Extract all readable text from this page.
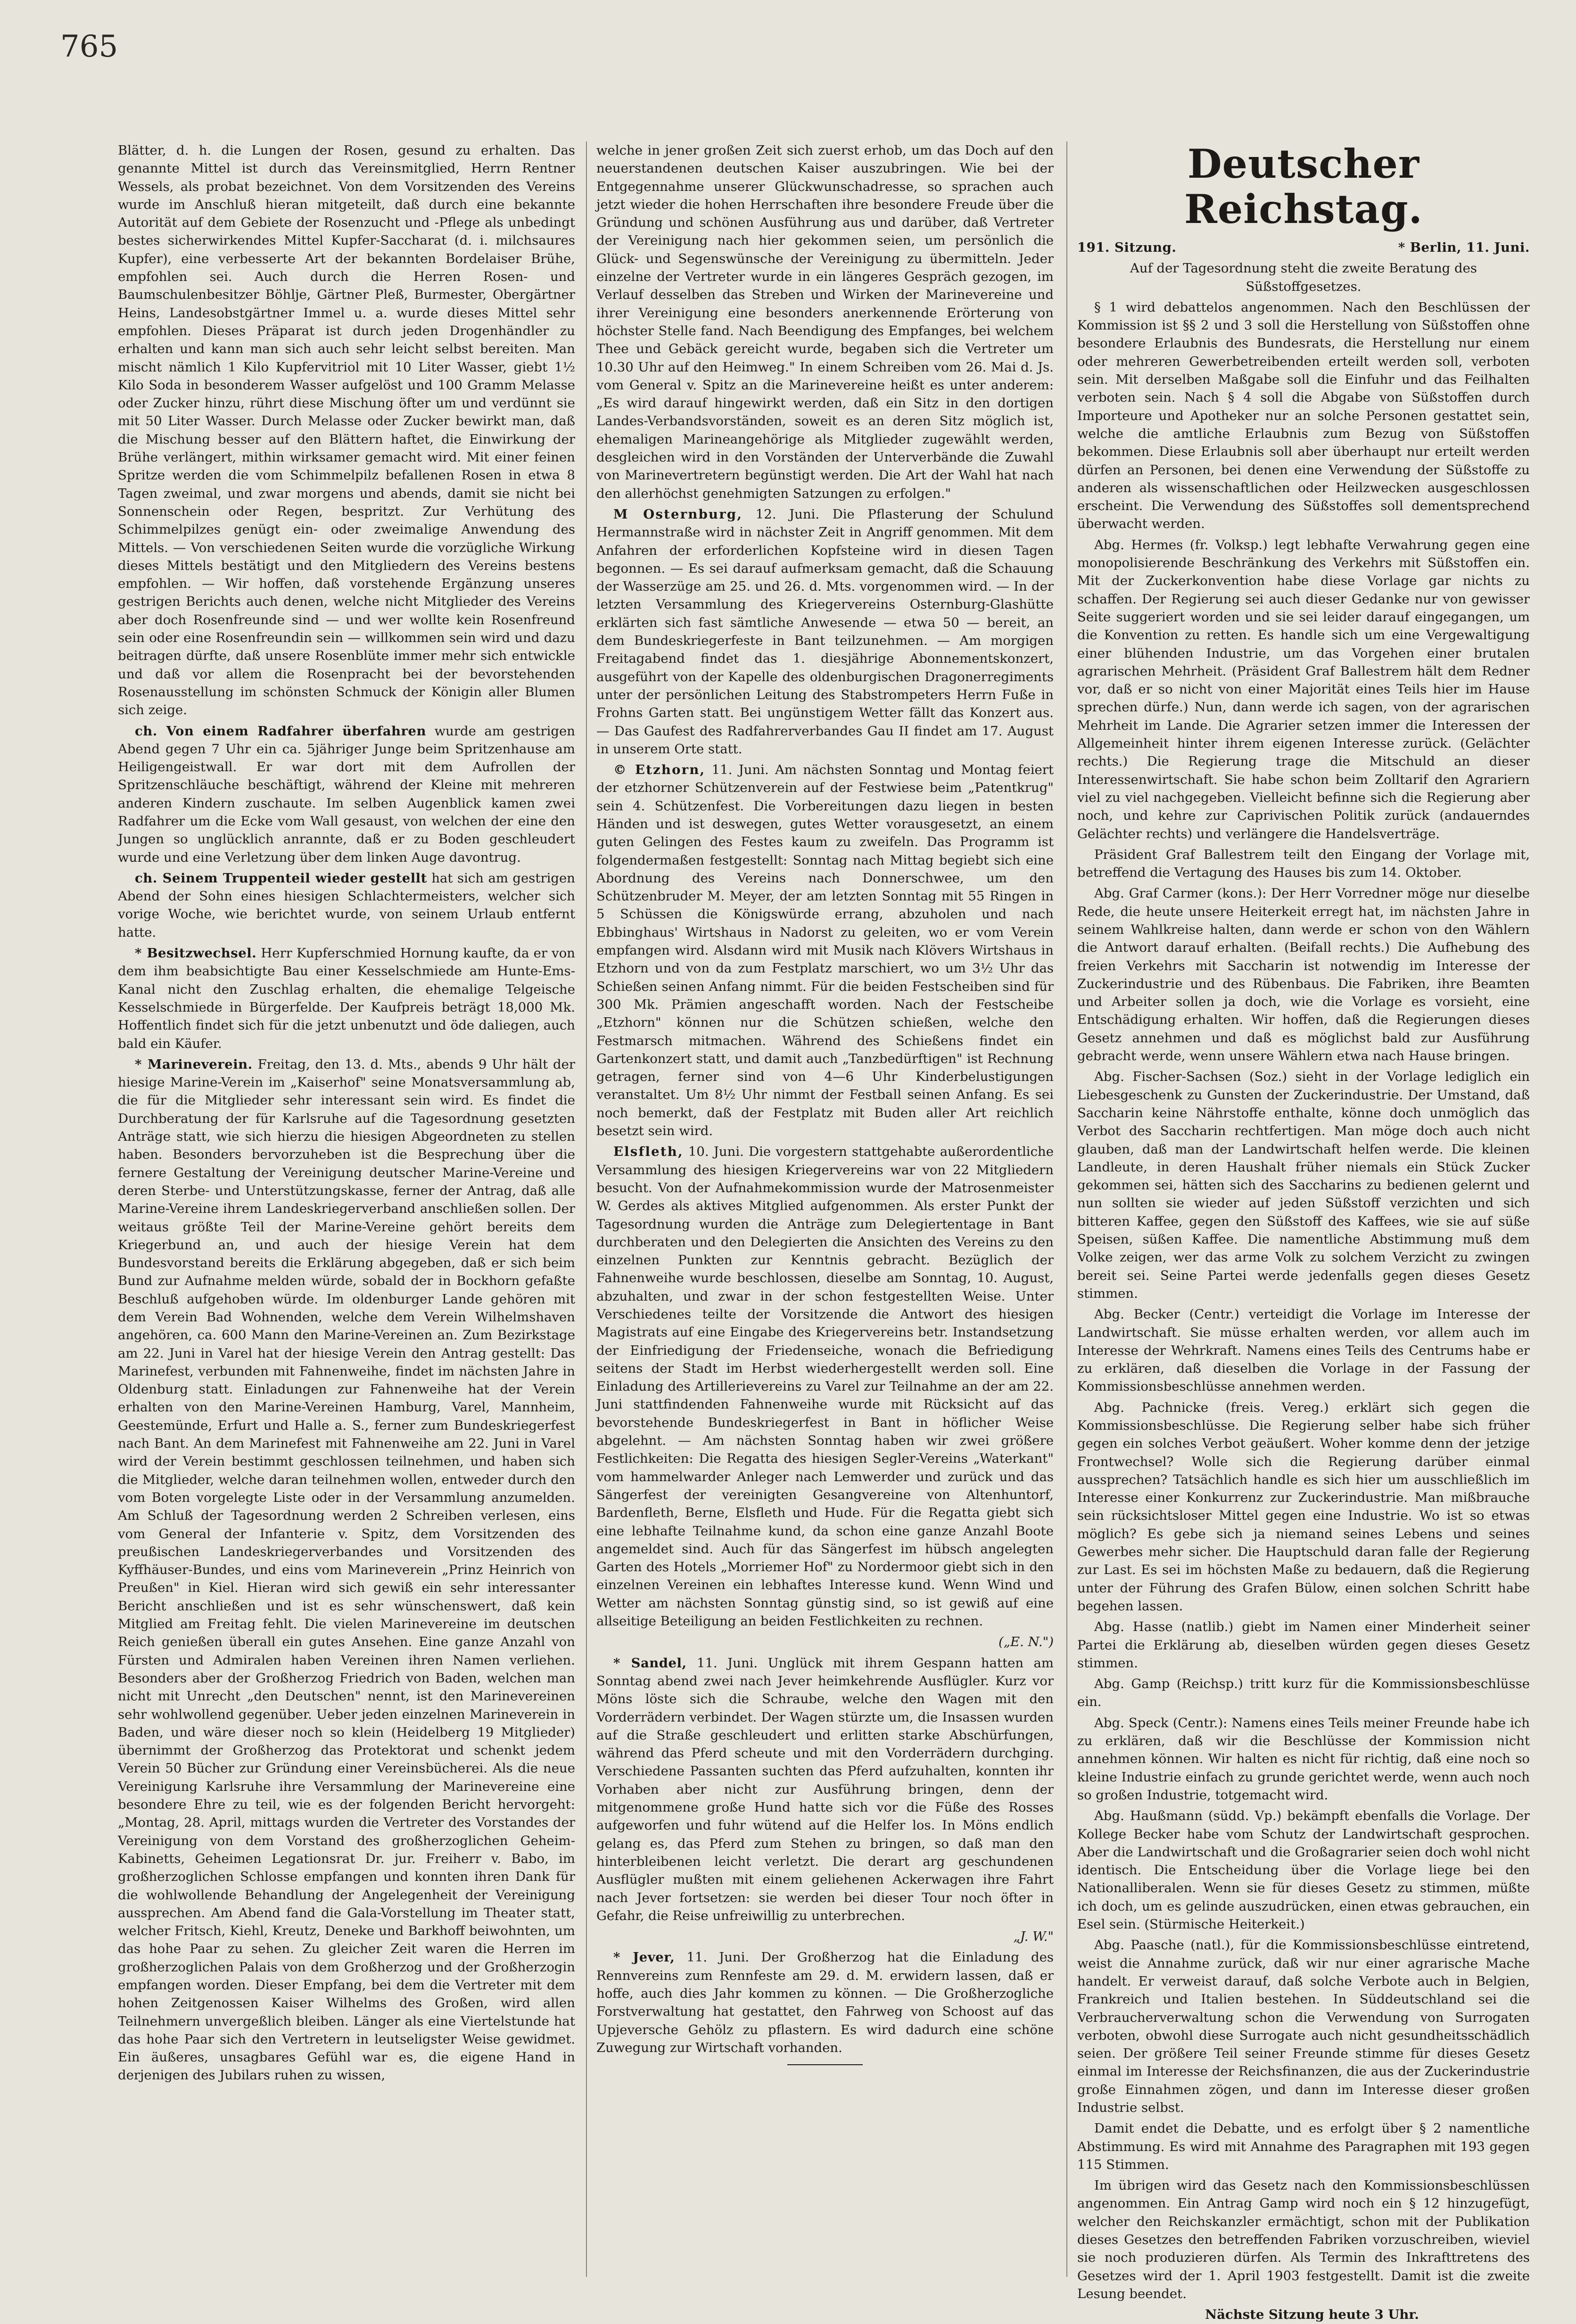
765

Blätter, d. h. die Lungen der Rosen, gesund zu erhalten. Das genannte Mittel ist durch das Vereinsmitglied, Herrn Rentner Wessels, als probat bezeichnet. Von dem Vorsitzenden des Vereins wurde im Anschluß hieran mitgeteilt, daß durch eine bekannte Autorität auf dem Gebiete der Rosenzucht und -Pflege als unbedingt bestes sicherwirkendes Mittel Kupfer-Saccharat (d. i. milchsaures Kupfer), eine verbesserte Art der bekannten Bordelaiser Brühe, empfohlen sei. Auch durch die Herren Rosen- und Baumschulenbesitzer Böhlje, Gärtner Pleß, Burmester, Obergärtner Heins, Landesobstgärtner Immel u. a. wurde dieses Mittel sehr empfohlen. Dieses Präparat ist durch jeden Drogenhändler zu erhalten und kann man sich auch sehr leicht selbst bereiten. Man mischt nämlich 1 Kilo Kupfervitriol mit 10 Liter Wasser, giebt 1½ Kilo Soda in besonderem Wasser aufgelöst und 100 Gramm Melasse oder Zucker hinzu, rührt diese Mischung öfter um und verdünnt sie mit 50 Liter Wasser. Durch Melasse oder Zucker bewirkt man, daß die Mischung besser auf den Blättern haftet, die Einwirkung der Brühe verlängert, mithin wirksamer gemacht wird. Mit einer feinen Spritze werden die vom Schimmelpilz befallenen Rosen in etwa 8 Tagen zweimal, und zwar morgens und abends, damit sie nicht bei Sonnenschein oder Regen, bespritzt. Zur Verhütung des Schimmelpilzes genügt ein- oder zweimalige Anwendung des Mittels. — Von verschiedenen Seiten wurde die vorzügliche Wirkung dieses Mittels bestätigt und den Mitgliedern des Vereins bestens empfohlen. — Wir hoffen, daß vorstehende Ergänzung unseres gestrigen Berichts auch denen, welche nicht Mitglieder des Vereins aber doch Rosenfreunde sind — und wer wollte kein Rosenfreund sein oder eine Rosenfreundin sein — willkommen sein wird und dazu beitragen dürfte, daß unsere Rosenblüte immer mehr sich entwickle und daß vor allem die Rosenpracht bei der bevorstehenden Rosenausstellung im schönsten Schmuck der Königin aller Blumen sich zeige.

ch. Von einem Radfahrer überfahren wurde am gestrigen Abend gegen 7 Uhr ein ca. 5jähriger Junge beim Spritzenhause am Heiligengeistwall. Er war dort mit dem Aufrollen der Spritzenschläuche beschäftigt, während der Kleine mit mehreren anderen Kindern zuschaute. Im selben Augenblick kamen zwei Radfahrer um die Ecke vom Wall gesaust, von welchen der eine den Jungen so unglücklich anrannte, daß er zu Boden geschleudert wurde und eine Verletzung über dem linken Auge davontrug.

ch. Seinem Truppenteil wieder gestellt hat sich am gestrigen Abend der Sohn eines hiesigen Schlachtermeisters, welcher sich vorige Woche, wie berichtet wurde, von seinem Urlaub entfernt hatte.

* Besitzwechsel. Herr Kupferschmied Hornung kaufte, da er von dem ihm beabsichtigte Bau einer Kesselschmiede am Hunte-Ems-Kanal nicht den Zuschlag erhalten, die ehemalige Telgeische Kesselschmiede in Bürgerfelde. Der Kaufpreis beträgt 18,000 Mk. Hoffentlich findet sich für die jetzt unbenutzt und öde daliegen, auch bald ein Käufer.

* Marineverein. Freitag, den 13. d. Mts., abends 9 Uhr hält der hiesige Marine-Verein im „Kaiserhof" seine Monatsversammlung ab, die für die Mitglieder sehr interessant sein wird. Es findet die Durchberatung der für Karlsruhe auf die Tagesordnung gesetzten Anträge statt, wie sich hierzu die hiesigen Abgeordneten zu stellen haben. Besonders bervorzuheben ist die Besprechung über die fernere Gestaltung der Vereinigung deutscher Marine-Vereine und deren Sterbe- und Unterstützungskasse, ferner der Antrag, daß alle Marine-Vereine ihrem Landeskriegerverband anschließen sollen. Der weitaus größte Teil der Marine-Vereine gehört bereits dem Kriegerbund an, und auch der hiesige Verein hat dem Bundesvorstand bereits die Erklärung abgegeben, daß er sich beim Bund zur Aufnahme melden würde, sobald der in Bockhorn gefaßte Beschluß aufgehoben würde. Im oldenburger Lande gehören mit dem Verein Bad Wohnenden, welche dem Verein Wilhelmshaven angehören, ca. 600 Mann den Marine-Vereinen an. Zum Bezirkstage am 22. Juni in Varel hat der hiesige Verein den Antrag gestellt: Das Marinefest, verbunden mit Fahnenweihe, findet im nächsten Jahre in Oldenburg statt. Einladungen zur Fahnenweihe hat der Verein erhalten von den Marine-Vereinen Hamburg, Varel, Mannheim, Geestemünde, Erfurt und Halle a. S., ferner zum Bundeskriegerfest nach Bant. An dem Marinefest mit Fahnenweihe am 22. Juni in Varel wird der Verein bestimmt geschlossen teilnehmen, und haben sich die Mitglieder, welche daran teilnehmen wollen, entweder durch den vom Boten vorgelegte Liste oder in der Versammlung anzumelden. Am Schluß der Tagesordnung werden 2 Schreiben verlesen, eins vom General der Infanterie v. Spitz, dem Vorsitzenden des preußischen Landeskriegerverbandes und Vorsitzenden des Kyffhäuser-Bundes, und eins vom Marineverein „Prinz Heinrich von Preußen" in Kiel. Hieran wird sich gewiß ein sehr interessanter Bericht anschließen und ist es sehr wünschenswert, daß kein Mitglied am Freitag fehlt. Die vielen Marinevereine im deutschen Reich genießen überall ein gutes Ansehen. Eine ganze Anzahl von Fürsten und Admiralen haben Vereinen ihren Namen verliehen. Besonders aber der Großherzog Friedrich von Baden, welchen man nicht mit Unrecht „den Deutschen" nennt, ist den Marinevereinen sehr wohlwollend gegenüber. Ueber jeden einzelnen Marineverein in Baden, und wäre dieser noch so klein (Heidelberg 19 Mitglieder) übernimmt der Großherzog das Protektorat und schenkt jedem Verein 50 Bücher zur Gründung einer Vereinsbücherei. Als die neue Vereinigung Karlsruhe ihre Versammlung der Marinevereine eine besondere Ehre zu teil, wie es der folgenden Bericht hervorgeht: „Montag, 28. April, mittags wurden die Vertreter des Vorstandes der Vereinigung von dem Vorstand des großherzoglichen Geheim-Kabinetts, Geheimen Legationsrat Dr. jur. Freiherr v. Babo, im großherzoglichen Schlosse empfangen und konnten ihren Dank für die wohlwollende Behandlung der Angelegenheit der Vereinigung aussprechen. Am Abend fand die Gala-Vorstellung im Theater statt, welcher Fritsch, Kiehl, Kreutz, Deneke und Barkhoff beiwohnten, um das hohe Paar zu sehen. Zu gleicher Zeit waren die Herren im großherzoglichen Palais von dem Großherzog und der Großherzogin empfangen worden. Dieser Empfang, bei dem die Vertreter mit dem hohen Zeitgenossen Kaiser Wilhelms des Großen, wird allen Teilnehmern unvergeßlich bleiben. Länger als eine Viertelstunde hat das hohe Paar sich den Vertretern in leutseligster Weise gewidmet. Ein äußeres, unsagbares Gefühl war es, die eigene Hand in derjenigen des Jubilars ruhen zu wissen,

welche in jener großen Zeit sich zuerst erhob, um das Doch auf den neuerstandenen deutschen Kaiser auszubringen. Wie bei der Entgegennahme unserer Glückwunschadresse, so sprachen auch jetzt wieder die hohen Herrschaften ihre besondere Freude über die Gründung und schönen Ausführung aus und darüber, daß Vertreter der Vereinigung nach hier gekommen seien, um persönlich die Glück- und Segenswünsche der Vereinigung zu übermitteln. Jeder einzelne der Vertreter wurde in ein längeres Gespräch gezogen, im Verlauf desselben das Streben und Wirken der Marinevereine und ihrer Vereinigung eine besonders anerkennende Erörterung von höchster Stelle fand. Nach Beendigung des Empfanges, bei welchem Thee und Gebäck gereicht wurde, begaben sich die Vertreter um 10.30 Uhr auf den Heimweg." In einem Schreiben vom 26. Mai d. Js. vom General v. Spitz an die Marinevereine heißt es unter anderem: „Es wird darauf hingewirkt werden, daß ein Sitz in den dortigen Landes-Verbandsvorständen, soweit es an deren Sitz möglich ist, ehemaligen Marineangehörige als Mitglieder zugewählt werden, desgleichen wird in den Vorständen der Unterverbände die Zuwahl von Marinevertretern begünstigt werden. Die Art der Wahl hat nach den allerhöchst genehmigten Satzungen zu erfolgen."

M Osternburg, 12. Juni. Die Pflasterung der Schulund Hermannstraße wird in nächster Zeit in Angriff genommen. Mit dem Anfahren der erforderlichen Kopfsteine wird in diesen Tagen begonnen. — Es sei darauf aufmerksam gemacht, daß die Schauung der Wasserzüge am 25. und 26. d. Mts. vorgenommen wird. — In der letzten Versammlung des Kriegervereins Osternburg-Glashütte erklärten sich fast sämtliche Anwesende — etwa 50 — bereit, an dem Bundeskriegerfeste in Bant teilzunehmen. — Am morgigen Freitagabend findet das 1. diesjährige Abonnementskonzert, ausgeführt von der Kapelle des oldenburgischen Dragonerregiments unter der persönlichen Leitung des Stabstrompeters Herrn Fuße in Frohns Garten statt. Bei ungünstigem Wetter fällt das Konzert aus. — Das Gaufest des Radfahrerverbandes Gau II findet am 17. August in unserem Orte statt.

© Etzhorn, 11. Juni. Am nächsten Sonntag und Montag feiert der etzhorner Schützenverein auf der Festwiese beim „Patentkrug" sein 4. Schützenfest. Die Vorbereitungen dazu liegen in besten Händen und ist deswegen, gutes Wetter vorausgesetzt, an einem guten Gelingen des Festes kaum zu zweifeln. Das Programm ist folgendermaßen festgestellt: Sonntag nach Mittag begiebt sich eine Abordnung des Vereins nach Donnerschwee, um den Schützenbruder M. Meyer, der am letzten Sonntag mit 55 Ringen in 5 Schüssen die Königswürde errang, abzuholen und nach Ebbinghaus' Wirtshaus in Nadorst zu geleiten, wo er vom Verein empfangen wird. Alsdann wird mit Musik nach Klövers Wirtshaus in Etzhorn und von da zum Festplatz marschiert, wo um 3½ Uhr das Schießen seinen Anfang nimmt. Für die beiden Festscheiben sind für 300 Mk. Prämien angeschafft worden. Nach der Festscheibe „Etzhorn" können nur die Schützen schießen, welche den Festmarsch mitmachen. Während des Schießens findet ein Gartenkonzert statt, und damit auch „Tanzbedürftigen" ist Rechnung getragen, ferner sind von 4—6 Uhr Kinderbelustigungen veranstaltet. Um 8½ Uhr nimmt der Festball seinen Anfang. Es sei noch bemerkt, daß der Festplatz mit Buden aller Art reichlich besetzt sein wird.

Elsfleth, 10. Juni. Die vorgestern stattgehabte außerordentliche Versammlung des hiesigen Kriegervereins war von 22 Mitgliedern besucht. Von der Aufnahmekommission wurde der Matrosenmeister W. Gerdes als aktives Mitglied aufgenommen. Als erster Punkt der Tagesordnung wurden die Anträge zum Delegiertentage in Bant durchberaten und den Delegierten die Ansichten des Vereins zu den einzelnen Punkten zur Kenntnis gebracht. Bezüglich der Fahnenweihe wurde beschlossen, dieselbe am Sonntag, 10. August, abzuhalten, und zwar in der schon festgestellten Weise. Unter Verschiedenes teilte der Vorsitzende die Antwort des hiesigen Magistrats auf eine Eingabe des Kriegervereins betr. Instandsetzung der Einfriedigung der Friedenseiche, wonach die Befriedigung seitens der Stadt im Herbst wiederhergestellt werden soll. Eine Einladung des Artillerievereins zu Varel zur Teilnahme an der am 22. Juni stattfindenden Fahnenweihe wurde mit Rücksicht auf das bevorstehende Bundeskriegerfest in Bant in höflicher Weise abgelehnt. — Am nächsten Sonntag haben wir zwei größere Festlichkeiten: Die Regatta des hiesigen Segler-Vereins „Waterkant" vom hammelwarder Anleger nach Lemwerder und zurück und das Sängerfest der vereinigten Gesangvereine von Altenhuntorf, Bardenfleth, Berne, Elsfleth und Hude. Für die Regatta giebt sich eine lebhafte Teilnahme kund, da schon eine ganze Anzahl Boote angemeldet sind. Auch für das Sängerfest im hübsch angelegten Garten des Hotels „Morriemer Hof" zu Nordermoor giebt sich in den einzelnen Vereinen ein lebhaftes Interesse kund. Wenn Wind und Wetter am nächsten Sonntag günstig sind, so ist gewiß auf eine allseitige Beteiligung an beiden Festlichkeiten zu rechnen.

(„E. N.")

* Sandel, 11. Juni. Unglück mit ihrem Gespann hatten am Sonntag abend zwei nach Jever heimkehrende Ausflügler. Kurz vor Möns löste sich die Schraube, welche den Wagen mit den Vorderrädern verbindet. Der Wagen stürzte um, die Insassen wurden auf die Straße geschleudert und erlitten starke Abschürfungen, während das Pferd scheute und mit den Vorderrädern durchging. Verschiedene Passanten suchten das Pferd aufzuhalten, konnten ihr Vorhaben aber nicht zur Ausführung bringen, denn der mitgenommene große Hund hatte sich vor die Füße des Rosses aufgeworfen und fuhr wütend auf die Helfer los. In Möns endlich gelang es, das Pferd zum Stehen zu bringen, so daß man den hinterbleibenen leicht verletzt. Die derart arg geschundenen Ausflügler mußten mit einem geliehenen Ackerwagen ihre Fahrt nach Jever fortsetzen: sie werden bei dieser Tour noch öfter in Gefahr, die Reise unfreiwillig zu unterbrechen.

„J. W."

* Jever, 11. Juni. Der Großherzog hat die Einladung des Rennvereins zum Rennfeste am 29. d. M. erwidern lassen, daß er hoffe, auch dies Jahr kommen zu können. — Die Großherzogliche Forstverwaltung hat gestattet, den Fahrweg von Schoost auf das Upjeversche Gehölz zu pflastern. Es wird dadurch eine schöne Zuwegung zur Wirtschaft vorhanden.

Deutscher Reichstag.

191. Sitzung.	* Berlin, 11. Juni.

Auf der Tagesordnung steht die zweite Beratung des Süßstoffgesetzes.

§ 1 wird debattelos angenommen. Nach den Beschlüssen der Kommission ist §§ 2 und 3 soll die Herstellung von Süßstoffen ohne besondere Erlaubnis des Bundesrats, die Herstellung nur einem oder mehreren Gewerbetreibenden erteilt werden soll, verboten sein. Mit derselben Maßgabe soll die Einfuhr und das Feilhalten verboten sein. Nach § 4 soll die Abgabe von Süßstoffen durch Importeure und Apotheker nur an solche Personen gestattet sein, welche die amtliche Erlaubnis zum Bezug von Süßstoffen bekommen. Diese Erlaubnis soll aber überhaupt nur erteilt werden dürfen an Personen, bei denen eine Verwendung der Süßstoffe zu anderen als wissenschaftlichen oder Heilzwecken ausgeschlossen erscheint. Die Verwendung des Süßstoffes soll dementsprechend überwacht werden.

Abg. Hermes (fr. Volksp.) legt lebhafte Verwahrung gegen eine monopolisierende Beschränkung des Verkehrs mit Süßstoffen ein. Mit der Zuckerkonvention habe diese Vorlage gar nichts zu schaffen. Der Regierung sei auch dieser Gedanke nur von gewisser Seite suggeriert worden und sie sei leider darauf eingegangen, um die Konvention zu retten. Es handle sich um eine Vergewaltigung einer blühenden Industrie, um das Vorgehen einer brutalen agrarischen Mehrheit. (Präsident Graf Ballestrem hält dem Redner vor, daß er so nicht von einer Majorität eines Teils hier im Hause sprechen dürfe.) Nun, dann werde ich sagen, von der agrarischen Mehrheit im Lande. Die Agrarier setzen immer die Interessen der Allgemeinheit hinter ihrem eigenen Interesse zurück. (Gelächter rechts.) Die Regierung trage die Mitschuld an dieser Interessenwirtschaft. Sie habe schon beim Zolltarif den Agrariern viel zu viel nachgegeben. Vielleicht befinne sich die Regierung aber noch, und kehre zur Caprivischen Politik zurück (andauerndes Gelächter rechts) und verlängere die Handelsverträge.

Präsident Graf Ballestrem teilt den Eingang der Vorlage mit, betreffend die Vertagung des Hauses bis zum 14. Oktober.

Abg. Graf Carmer (kons.): Der Herr Vorredner möge nur dieselbe Rede, die heute unsere Heiterkeit erregt hat, im nächsten Jahre in seinem Wahlkreise halten, dann werde er schon von den Wählern die Antwort darauf erhalten. (Beifall rechts.) Die Aufhebung des freien Verkehrs mit Saccharin ist notwendig im Interesse der Zuckerindustrie und des Rübenbaus. Die Fabriken, ihre Beamten und Arbeiter sollen ja doch, wie die Vorlage es vorsieht, eine Entschädigung erhalten. Wir hoffen, daß die Regierungen dieses Gesetz annehmen und daß es möglichst bald zur Ausführung gebracht werde, wenn unsere Wählern etwa nach Hause bringen.

Abg. Fischer-Sachsen (Soz.) sieht in der Vorlage lediglich ein Liebesgeschenk zu Gunsten der Zuckerindustrie. Der Umstand, daß Saccharin keine Nährstoffe enthalte, könne doch unmöglich das Verbot des Saccharin rechtfertigen. Man möge doch auch nicht glauben, daß man der Landwirtschaft helfen werde. Die kleinen Landleute, in deren Haushalt früher niemals ein Stück Zucker gekommen sei, hätten sich des Saccharins zu bedienen gelernt und nun sollten sie wieder auf jeden Süßstoff verzichten und sich bitteren Kaffee, gegen den Süßstoff des Kaffees, wie sie auf süße Speisen, süßen Kaffee. Die namentliche Abstimmung muß dem Volke zeigen, wer das arme Volk zu solchem Verzicht zu zwingen bereit sei. Seine Partei werde jedenfalls gegen dieses Gesetz stimmen.

Abg. Becker (Centr.) verteidigt die Vorlage im Interesse der Landwirtschaft. Sie müsse erhalten werden, vor allem auch im Interesse der Wehrkraft. Namens eines Teils des Centrums habe er zu erklären, daß dieselben die Vorlage in der Fassung der Kommissionsbeschlüsse annehmen werden.

Abg. Pachnicke (freis. Vereg.) erklärt sich gegen die Kommissionsbeschlüsse. Die Regierung selber habe sich früher gegen ein solches Verbot geäußert. Woher komme denn der jetzige Frontwechsel? Wolle sich die Regierung darüber einmal aussprechen? Tatsächlich handle es sich hier um ausschließlich im Interesse einer Konkurrenz zur Zuckerindustrie. Man mißbrauche sein rücksichtsloser Mittel gegen eine Industrie. Wo ist so etwas möglich? Es gebe sich ja niemand seines Lebens und seines Gewerbes mehr sicher. Die Hauptschuld daran falle der Regierung zur Last. Es sei im höchsten Maße zu bedauern, daß die Regierung unter der Führung des Grafen Bülow, einen solchen Schritt habe begehen lassen.

Abg. Hasse (natlib.) giebt im Namen einer Minderheit seiner Partei die Erklärung ab, dieselben würden gegen dieses Gesetz stimmen.

Abg. Gamp (Reichsp.) tritt kurz für die Kommissionsbeschlüsse ein.

Abg. Speck (Centr.): Namens eines Teils meiner Freunde habe ich zu erklären, daß wir die Beschlüsse der Kommission nicht annehmen können. Wir halten es nicht für richtig, daß eine noch so kleine Industrie einfach zu grunde gerichtet werde, wenn auch noch so großen Industrie, totgemacht wird.

Abg. Haußmann (südd. Vp.) bekämpft ebenfalls die Vorlage. Der Kollege Becker habe vom Schutz der Landwirtschaft gesprochen. Aber die Landwirtschaft und die Großagrarier seien doch wohl nicht identisch. Die Entscheidung über die Vorlage liege bei den Nationalliberalen. Wenn sie für dieses Gesetz zu stimmen, müßte ich doch, um es gelinde auszudrücken, einen etwas gebrauchen, ein Esel sein. (Stürmische Heiterkeit.)

Abg. Paasche (natl.), für die Kommissionsbeschlüsse eintretend, weist die Annahme zurück, daß wir nur einer agrarische Mache handelt. Er verweist darauf, daß solche Verbote auch in Belgien, Frankreich und Italien bestehen. In Süddeutschland sei die Verbraucherverwaltung schon die Verwendung von Surrogaten verboten, obwohl diese Surrogate auch nicht gesundheitsschädlich seien. Der größere Teil seiner Freunde stimme für dieses Gesetz einmal im Interesse der Reichsfinanzen, die aus der Zuckerindustrie große Einnahmen zögen, und dann im Interesse dieser großen Industrie selbst.

Damit endet die Debatte, und es erfolgt über § 2 namentliche Abstimmung. Es wird mit Annahme des Paragraphen mit 193 gegen 115 Stimmen.

Im übrigen wird das Gesetz nach den Kommissionsbeschlüssen angenommen. Ein Antrag Gamp wird noch ein § 12 hinzugefügt, welcher den Reichskanzler ermächtigt, schon mit der Publikation dieses Gesetzes den betreffenden Fabriken vorzuschreiben, wieviel sie noch produzieren dürfen. Als Termin des Inkrafttretens des Gesetzes wird der 1. April 1903 festgestellt. Damit ist die zweite Lesung beendet.

Nächste Sitzung heute 3 Uhr.
